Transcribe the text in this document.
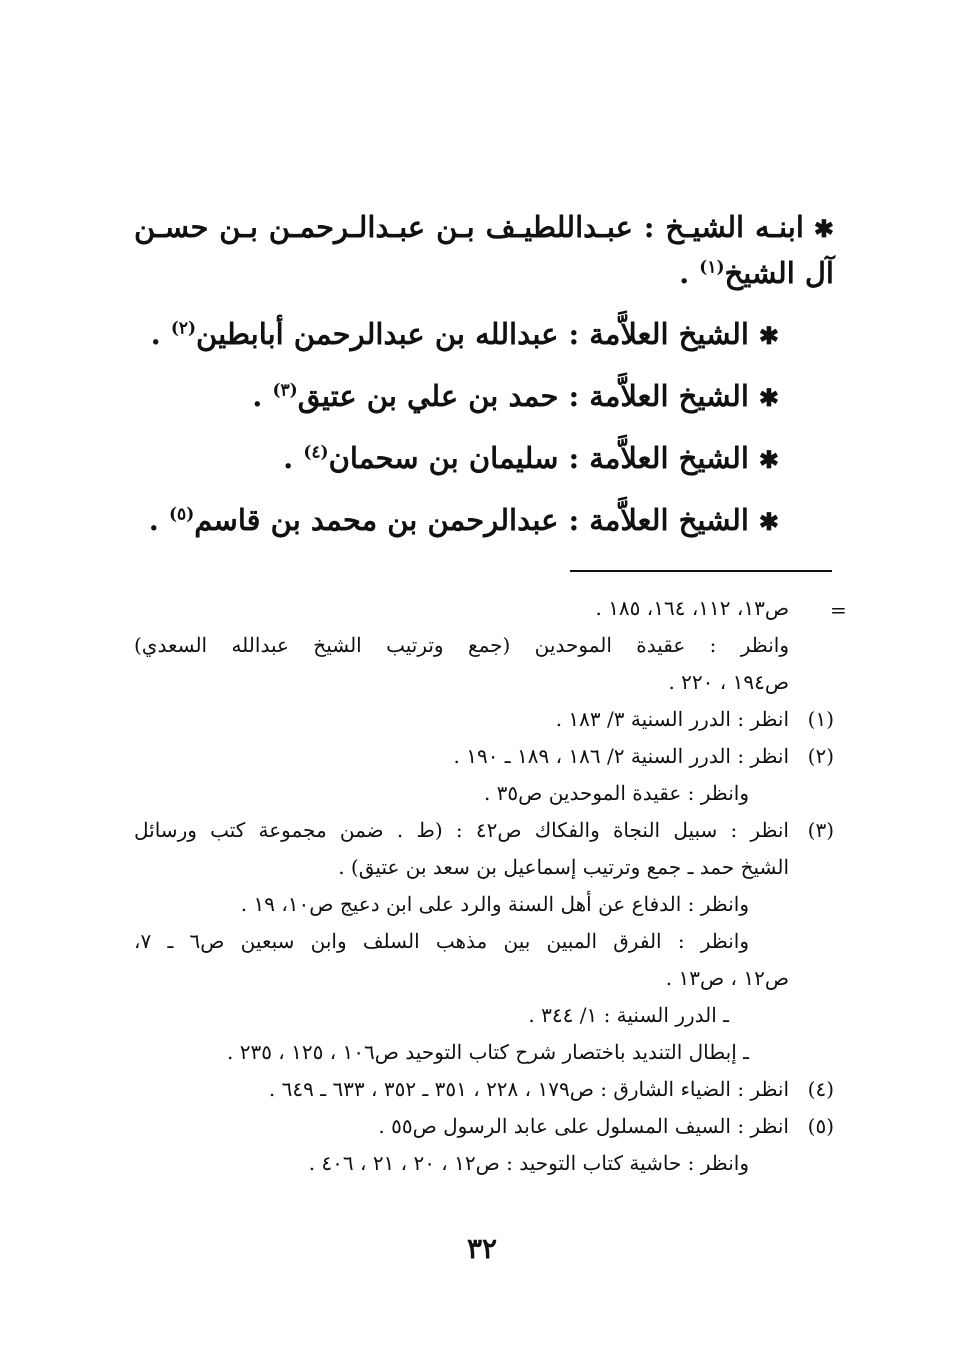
✱ابنـه الشيـخ : عبـداللطيـف بـن عبـدالـرحمـن بـن حسـن آل الشيخ$^{(١)}$ .

✱الشيخ العلاَّمة : عبدالله بن عبدالرحمن أبابطين$^{(٢)}$ .

✱الشيخ العلاَّمة : حمد بن علي بن عتيق$^{(٣)}$ .

✱الشيخ العلاَّمة : سليمان بن سحمان$^{(٤)}$ .

✱الشيخ العلاَّمة : عبدالرحمن بن محمد بن قاسم$^{(٥)}$ .

=

ص١٣، ١١٢، ١٦٤، ١٨٥ .

وانظر : عقيدة الموحدين (جمع وترتيب الشيخ عبدالله السعدي)

ص١٩٤ ، ٢٢٠ .

(١)

انظر : الدرر السنية ٣/ ١٨٣ .

(٢)

انظر : الدرر السنية ٢/ ١٨٦ ، ١٨٩ ـ ١٩٠ .

وانظر : عقيدة الموحدين ص٣٥ .

(٣)

انظر : سبيل النجاة والفكاك ص٤٢ : (ط . ضمن مجموعة كتب ورسائل

الشيخ حمد ـ جمع وترتيب إسماعيل بن سعد بن عتيق) .

وانظر : الدفاع عن أهل السنة والرد على ابن دعيج ص١٠، ١٩ .

وانظر : الفرق المبين بين مذهب السلف وابن سبعين ص٦ ـ ٧،

ص١٢ ، ص١٣ .

ـ الدرر السنية : ١/ ٣٤٤ .

ـ إبطال التنديد باختصار شرح كتاب التوحيد ص١٠٦ ، ١٢٥ ، ٢٣٥ .

(٤)

انظر : الضياء الشارق : ص١٧٩ ، ٢٢٨ ، ٣٥١ ـ ٣٥٢ ، ٦٣٣ ـ ٦٤٩ .

(٥)

انظر : السيف المسلول على عابد الرسول ص٥٥ .

وانظر : حاشية كتاب التوحيد : ص١٢ ، ٢٠ ، ٢١ ، ٤٠٦ .

٣٢
